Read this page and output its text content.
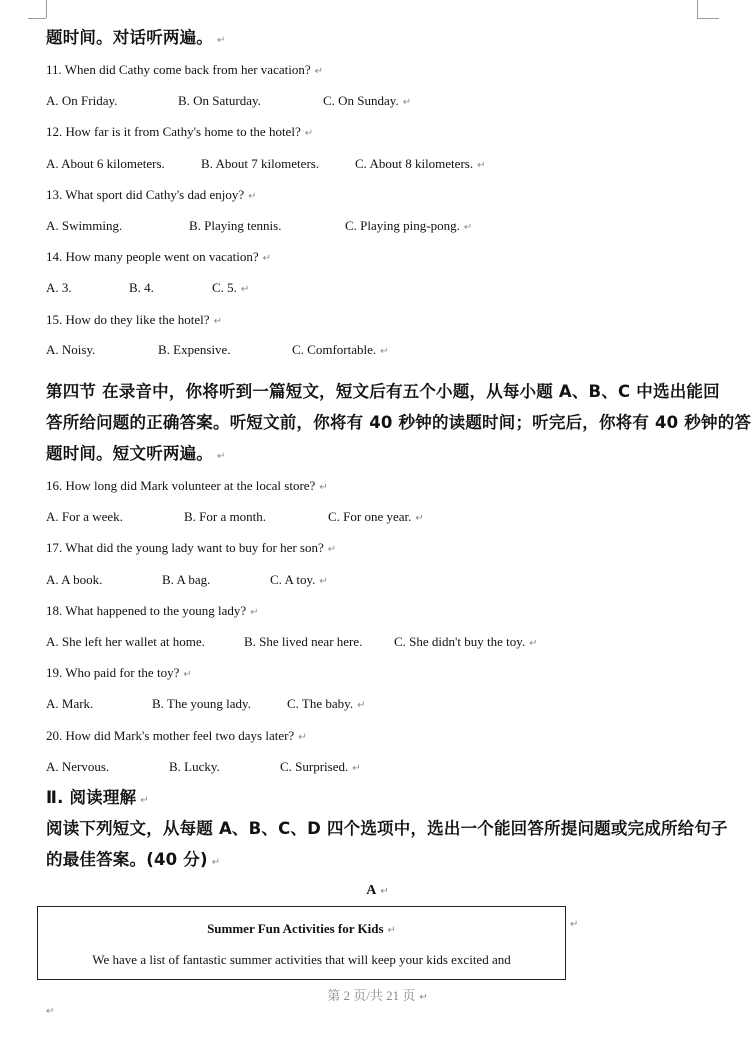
题时间。对话听两遍。 ↵
11. When did Cathy come back from her vacation? ↵
A. On Friday.	B. On Saturday.	C. On Sunday. ↵
12. How far is it from Cathy's home to the hotel? ↵
A. About 6 kilometers.	B. About 7 kilometers.	C. About 8 kilometers. ↵
13. What sport did Cathy's dad enjoy? ↵
A. Swimming.	B. Playing tennis.	C. Playing ping-pong. ↵
14. How many people went on vacation? ↵
A. 3.	B. 4.	C. 5. ↵
15. How do they like the hotel? ↵
A. Noisy.	B. Expensive.	C. Comfortable. ↵
第四节 在录音中，你将听到一篇短文，短文后有五个小题，从每小题 A、B、C 中选出能回
答所给问题的正确答案。听短文前，你将有 40 秒钟的读题时间；听完后，你将有 40 秒钟的答
题时间。短文听两遍。 ↵
16. How long did Mark volunteer at the local store? ↵
A. For a week.	B. For a month.	C. For one year. ↵
17. What did the young lady want to buy for her son? ↵
A. A book.	B. A bag.	C. A toy. ↵
18. What happened to the young lady? ↵
A. She left her wallet at home.	B. She lived near here. C. She didn't buy the toy. ↵
19. Who paid for the toy? ↵
A. Mark.	B. The young lady.	C. The baby. ↵
20. How did Mark's mother feel two days later? ↵
A. Nervous.	B. Lucky.	C. Surprised. ↵
Ⅱ. 阅读理解 ↵
阅读下列短文，从每题 A、B、C、D 四个选项中，选出一个能回答所提问题或完成所给句子
的最佳答案。(40 分) ↵
A ↵
Summer Fun Activities for Kids ↵
We have a list of fantastic summer activities that will keep your kids excited and
↵
第 2 页/共 21 页 ↵
↵
